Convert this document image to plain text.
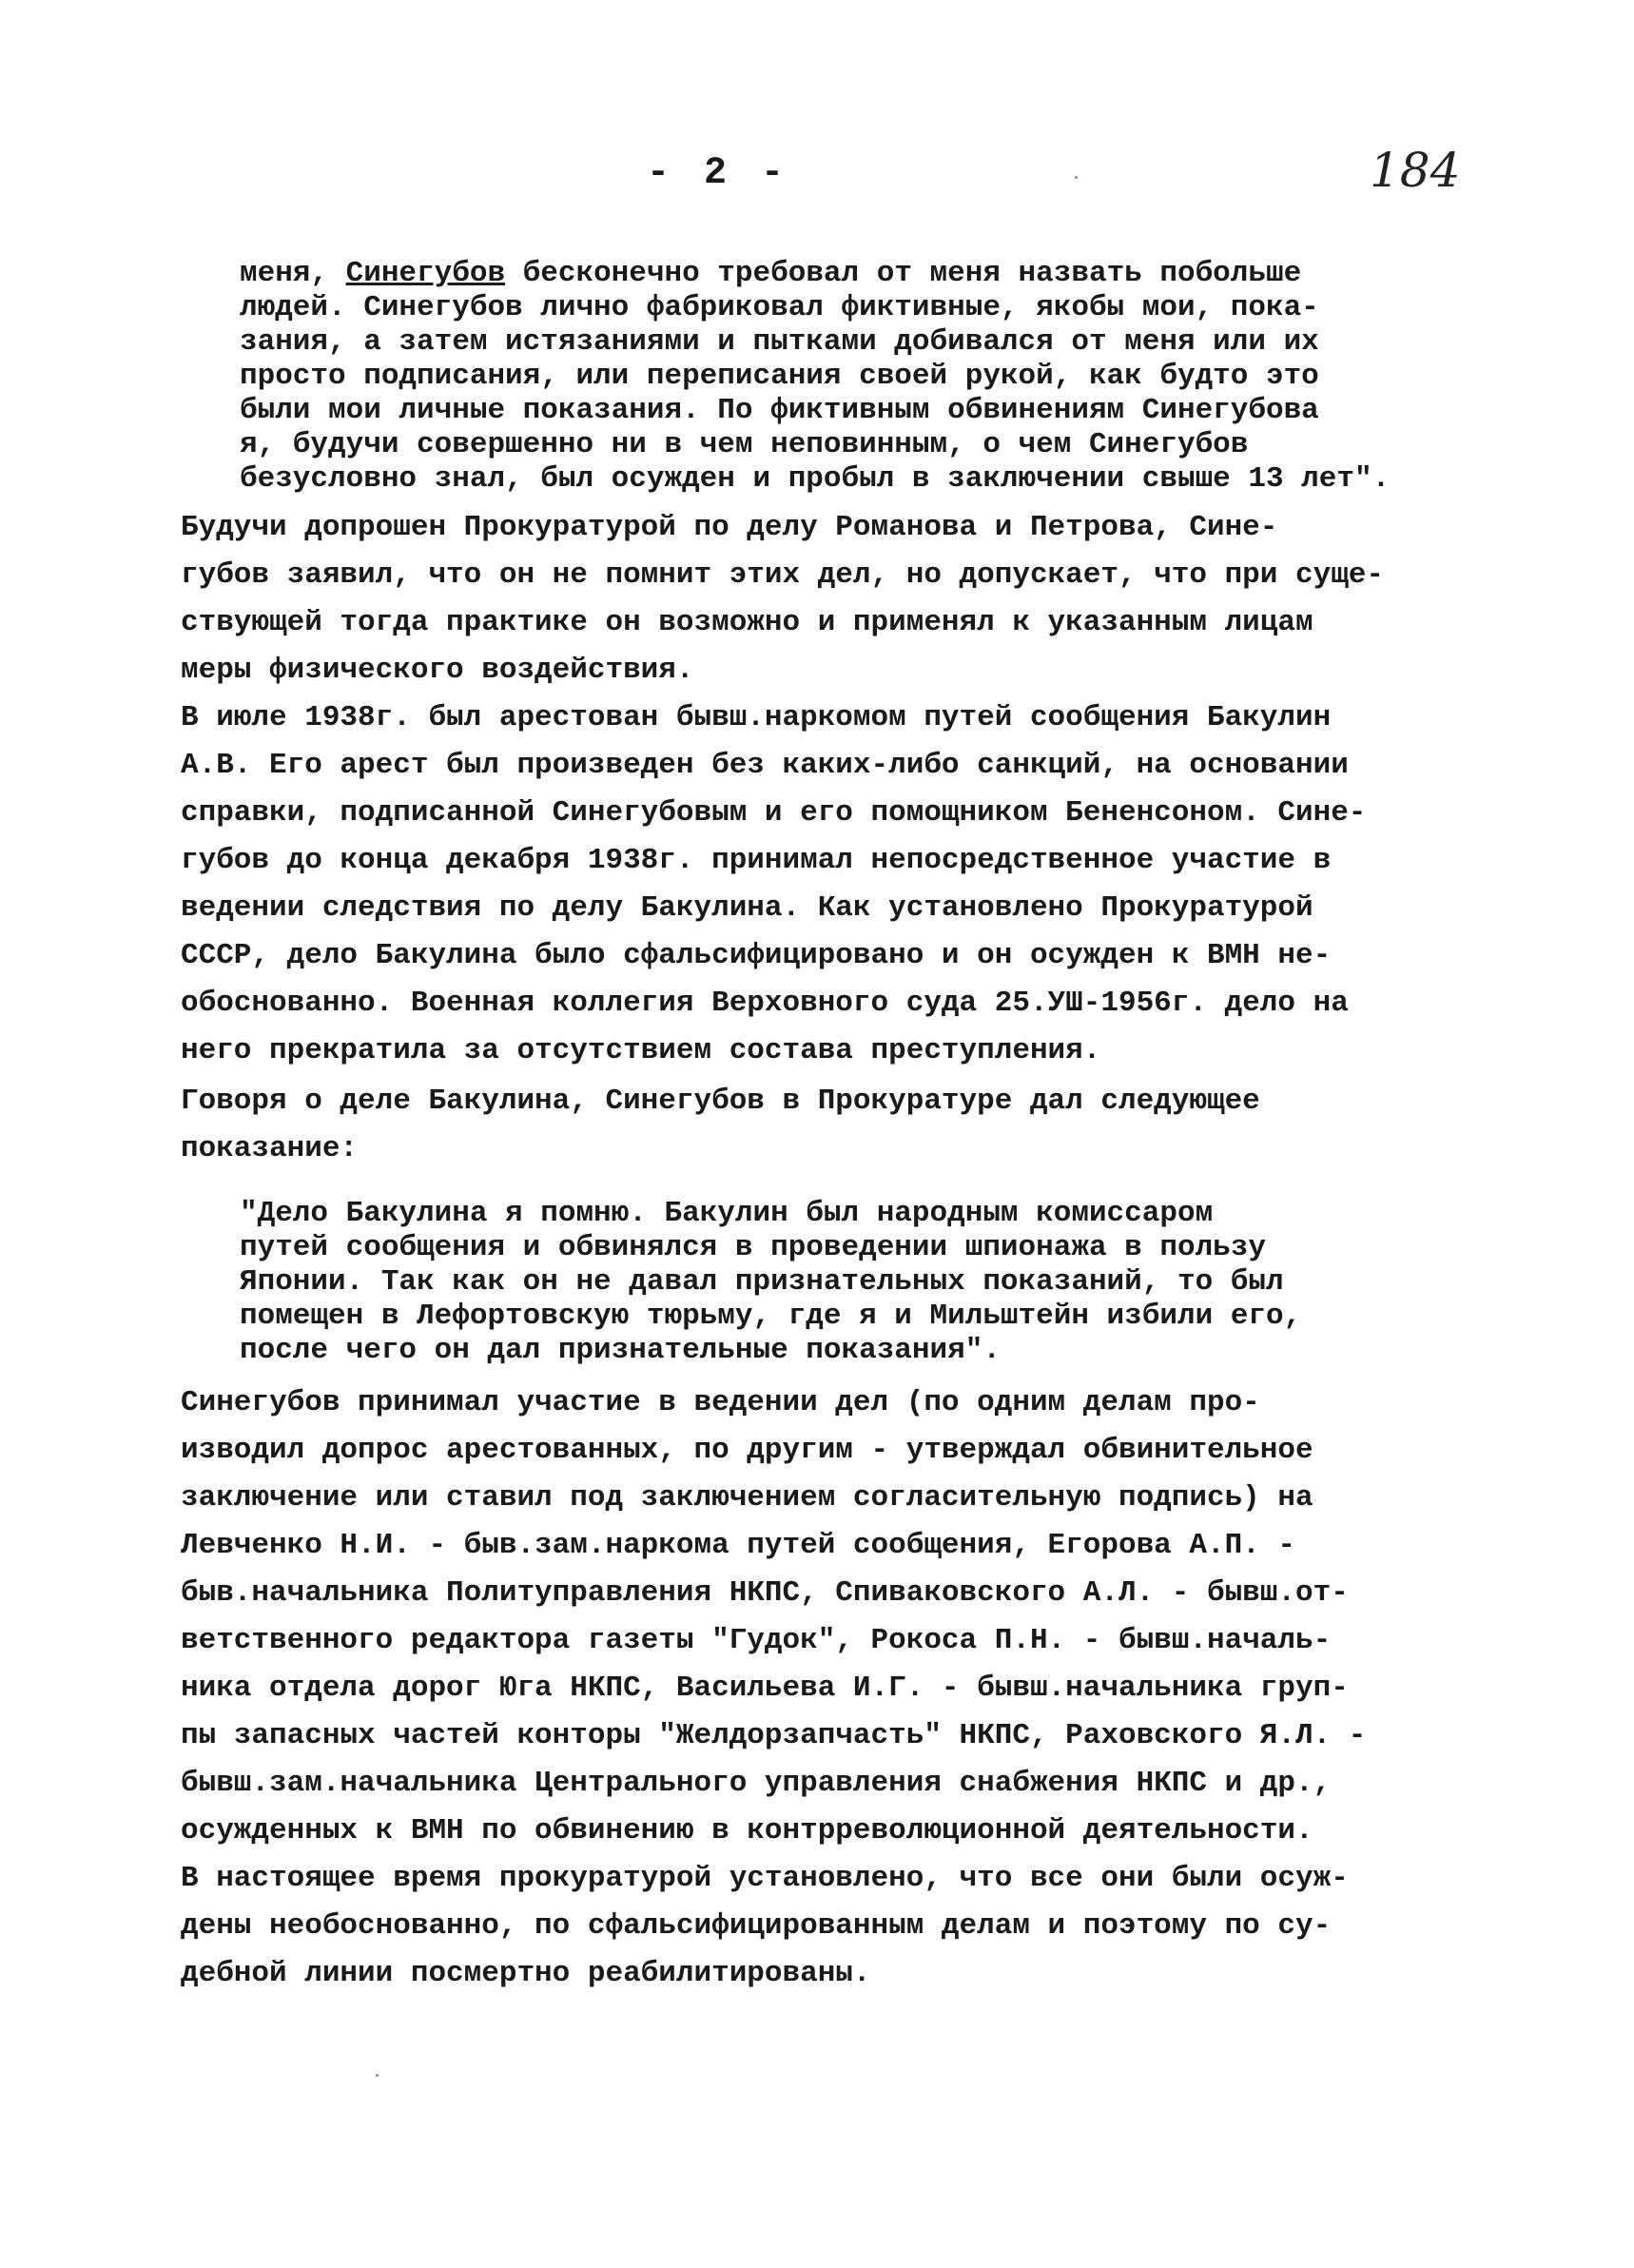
- 2 -	184
меня, Синегубов бесконечно требовал от меня назвать побольше
людей. Синегубов лично фабриковал фиктивные, якобы мои, пока-
зания, а затем истязаниями и пытками добивался от меня или их
просто подписания, или переписания своей рукой, как будто это
были мои личные показания. По фиктивным обвинениям Синегубова
я, будучи совершенно ни в чем неповинным, о чем Синегубов
безусловно знал, был осужден и пробыл в заключении свыше 13 лет".
Будучи допрошен Прокуратурой по делу Романова и Петрова, Сине-
губов заявил, что он не помнит этих дел, но допускает, что при суще-
ствующей тогда практике он возможно и применял к указанным лицам
меры физического воздействия.
В июле 1938г. был арестован бывш.наркомом путей сообщения Бакулин
А.В. Его арест был произведен без каких-либо санкций, на основании
справки, подписанной Синегубовым и его помощником Бененсоном. Сине-
губов до конца декабря 1938г. принимал непосредственное участие в
ведении следствия по делу Бакулина. Как установлено Прокуратурой
СССР, дело Бакулина было сфальсифицировано и он осужден к ВМН не-
обоснованно. Военная коллегия Верховного суда 25.УШ-1956г. дело на
него прекратила за отсутствием состава преступления.
Говоря о деле Бакулина, Синегубов в Прокуратуре дал следующее
показание:
"Дело Бакулина я помню. Бакулин был народным комиссаром
путей сообщения и обвинялся в проведении шпионажа в пользу
Японии. Так как он не давал признательных показаний, то был
помещен в Лефортовскую тюрьму, где я и Мильштейн избили его,
после чего он дал признательные показания".
Синегубов принимал участие в ведении дел (по одним делам про-
изводил допрос арестованных, по другим - утверждал обвинительное
заключение или ставил под заключением согласительную подпись) на
Левченко Н.И. - быв.зам.наркома путей сообщения, Егорова А.П. -
быв.начальника Политуправления НКПС, Спиваковского А.Л. - бывш.от-
ветственного редактора газеты "Гудок", Рокоса П.Н. - бывш.началь-
ника отдела дорог Юга НКПС, Васильева И.Г. - бывш.начальника груп-
пы запасных частей конторы "Желдорзапчасть" НКПС, Раховского Я.Л. -
бывш.зам.начальника Центрального управления снабжения НКПС и др.,
осужденных к ВМН по обвинению в контрреволюционной деятельности.
В настоящее время прокуратурой установлено, что все они были осуж-
дены необоснованно, по сфальсифицированным делам и поэтому по су-
дебной линии посмертно реабилитированы.
